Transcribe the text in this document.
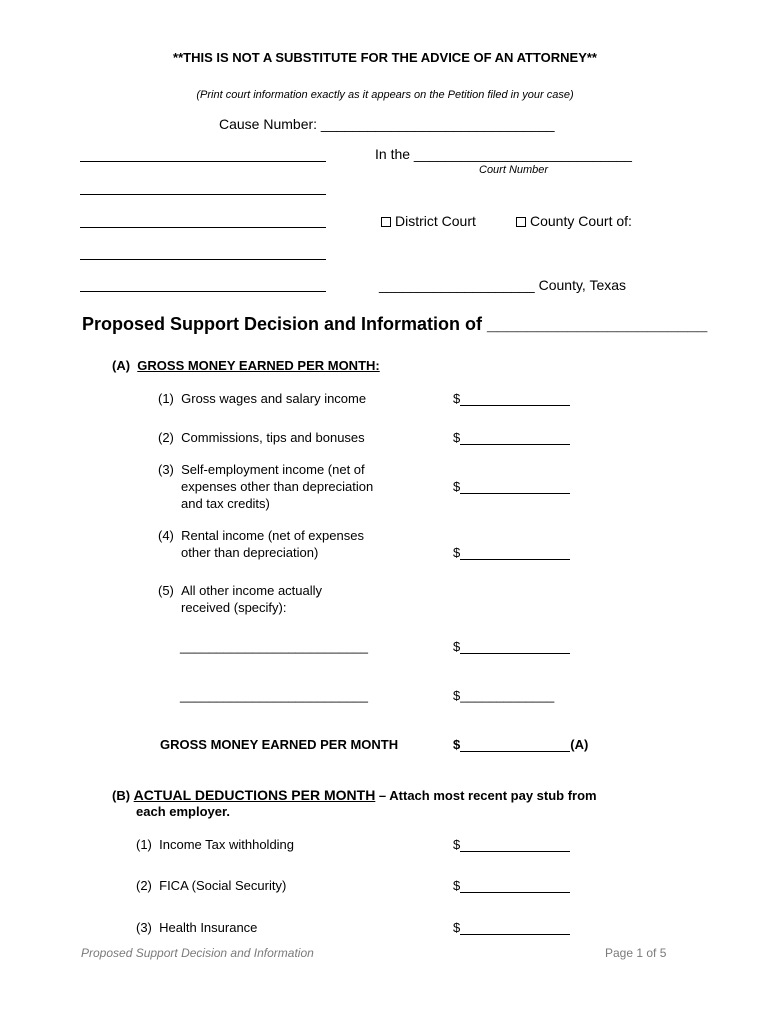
**THIS IS NOT A SUBSTITUTE FOR THE ADVICE OF AN ATTORNEY**
(Print court information exactly as it appears on the Petition filed in your case)
Cause Number: ______________________________
In the ____________________________
Court Number
District Court	County Court of:
____________________ County, Texas
Proposed Support Decision and Information of ______________________
(A) GROSS MONEY EARNED PER MONTH:
(1) Gross wages and salary income	$
(2) Commissions, tips and bonuses	$
(3) Self-employment income (net of
expenses other than depreciation
and tax credits)
$
(4) Rental income (net of expenses
other than depreciation)	$
(5) All other income actually
received (specify):
__________________________	$
__________________________	$_____________
GROSS MONEY EARNED PER MONTH	$	(A)
(B) ACTUAL DEDUCTIONS PER MONTH – Attach most recent pay stub from
each employer.
(1) Income Tax withholding	$
(2) FICA (Social Security)	$
(3) Health Insurance	$
Proposed Support Decision and Information	Page 1 of 5
